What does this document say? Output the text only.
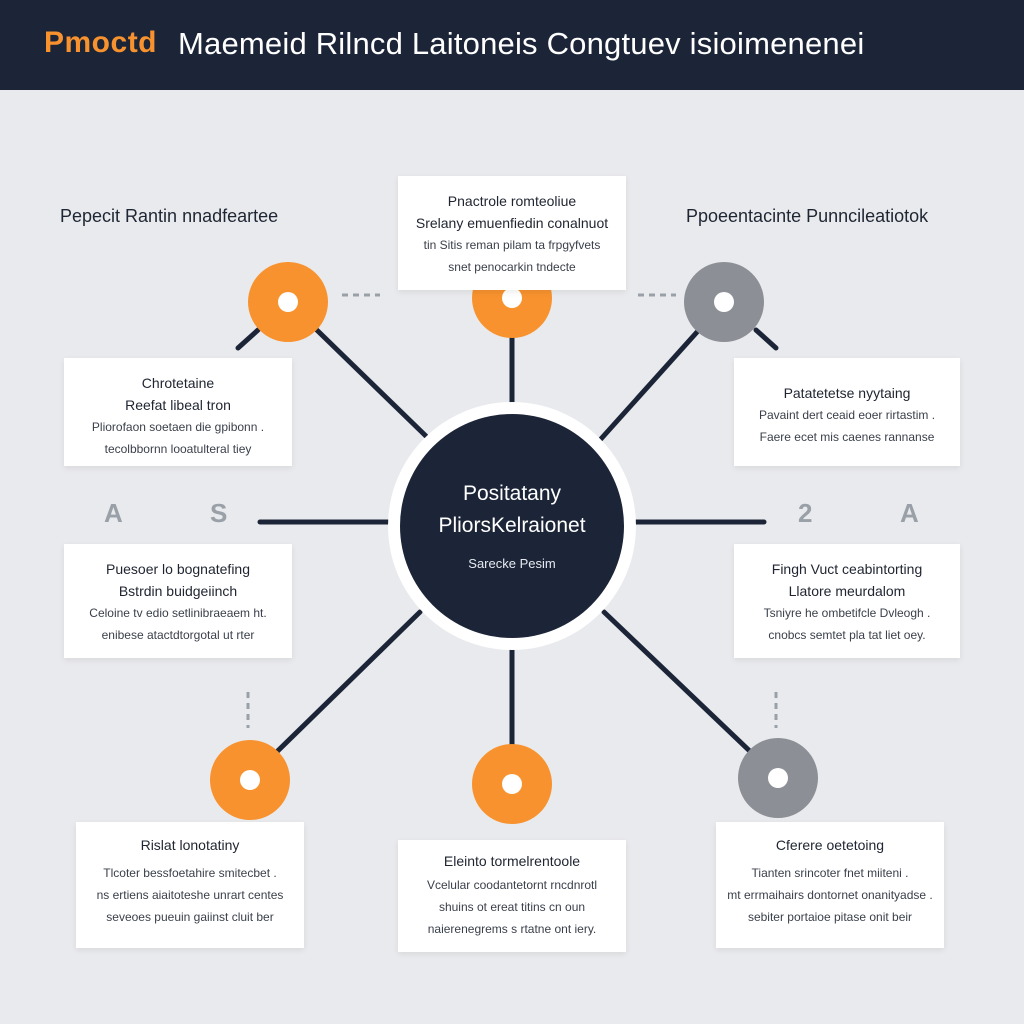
Pmoctd Maemeid Rilncd Laitoneis Congtuev isioimenenei
Pepecit Rantin nnadfeartee	Ppoeentacinte Punncileatiotok
A	S	2	A
Positatany
PliorsKelraionet
Sarecke Pesim
Pnactrole romteoliue
Srelany emuenfiedin conalnuot
tin Sitis reman pilam ta frpgyfvets
snet penocarkin tndecte
Chrotetaine
Reefat libeal tron
Pliorofaon soetaen die gpibonn .
tecolbbornn looatulteral tiey
Patatetetse nyytaing
Pavaint dert ceaid eoer rirtastim .
Faere ecet mis caenes rannanse
Puesoer lo bognatefing
Bstrdin buidgeiinch
Celoine tv edio setlinibraeaem ht.
enibese atactdtorgotal ut rter
Fingh Vuct ceabintorting
Llatore meurdalom
Tsniyre he ombetifcle Dvleogh .
cnobcs semtet pla tat liet oey.
Rislat lonotatiny
Tlcoter bessfoetahire smitecbet .
ns ertiens aiaitoteshe unrart centes
seveoes pueuin gaiinst cluit ber
Eleinto tormelrentoole
Vcelular coodantetornt rncdnrotl
shuins ot ereat titins cn oun
naierenegrems s rtatne ont iery.
Cferere oetetoing
Tianten srincoter fnet miiteni .
mt errmaihairs dontornet onanityadse .
sebiter portaioe pitase onit beir
